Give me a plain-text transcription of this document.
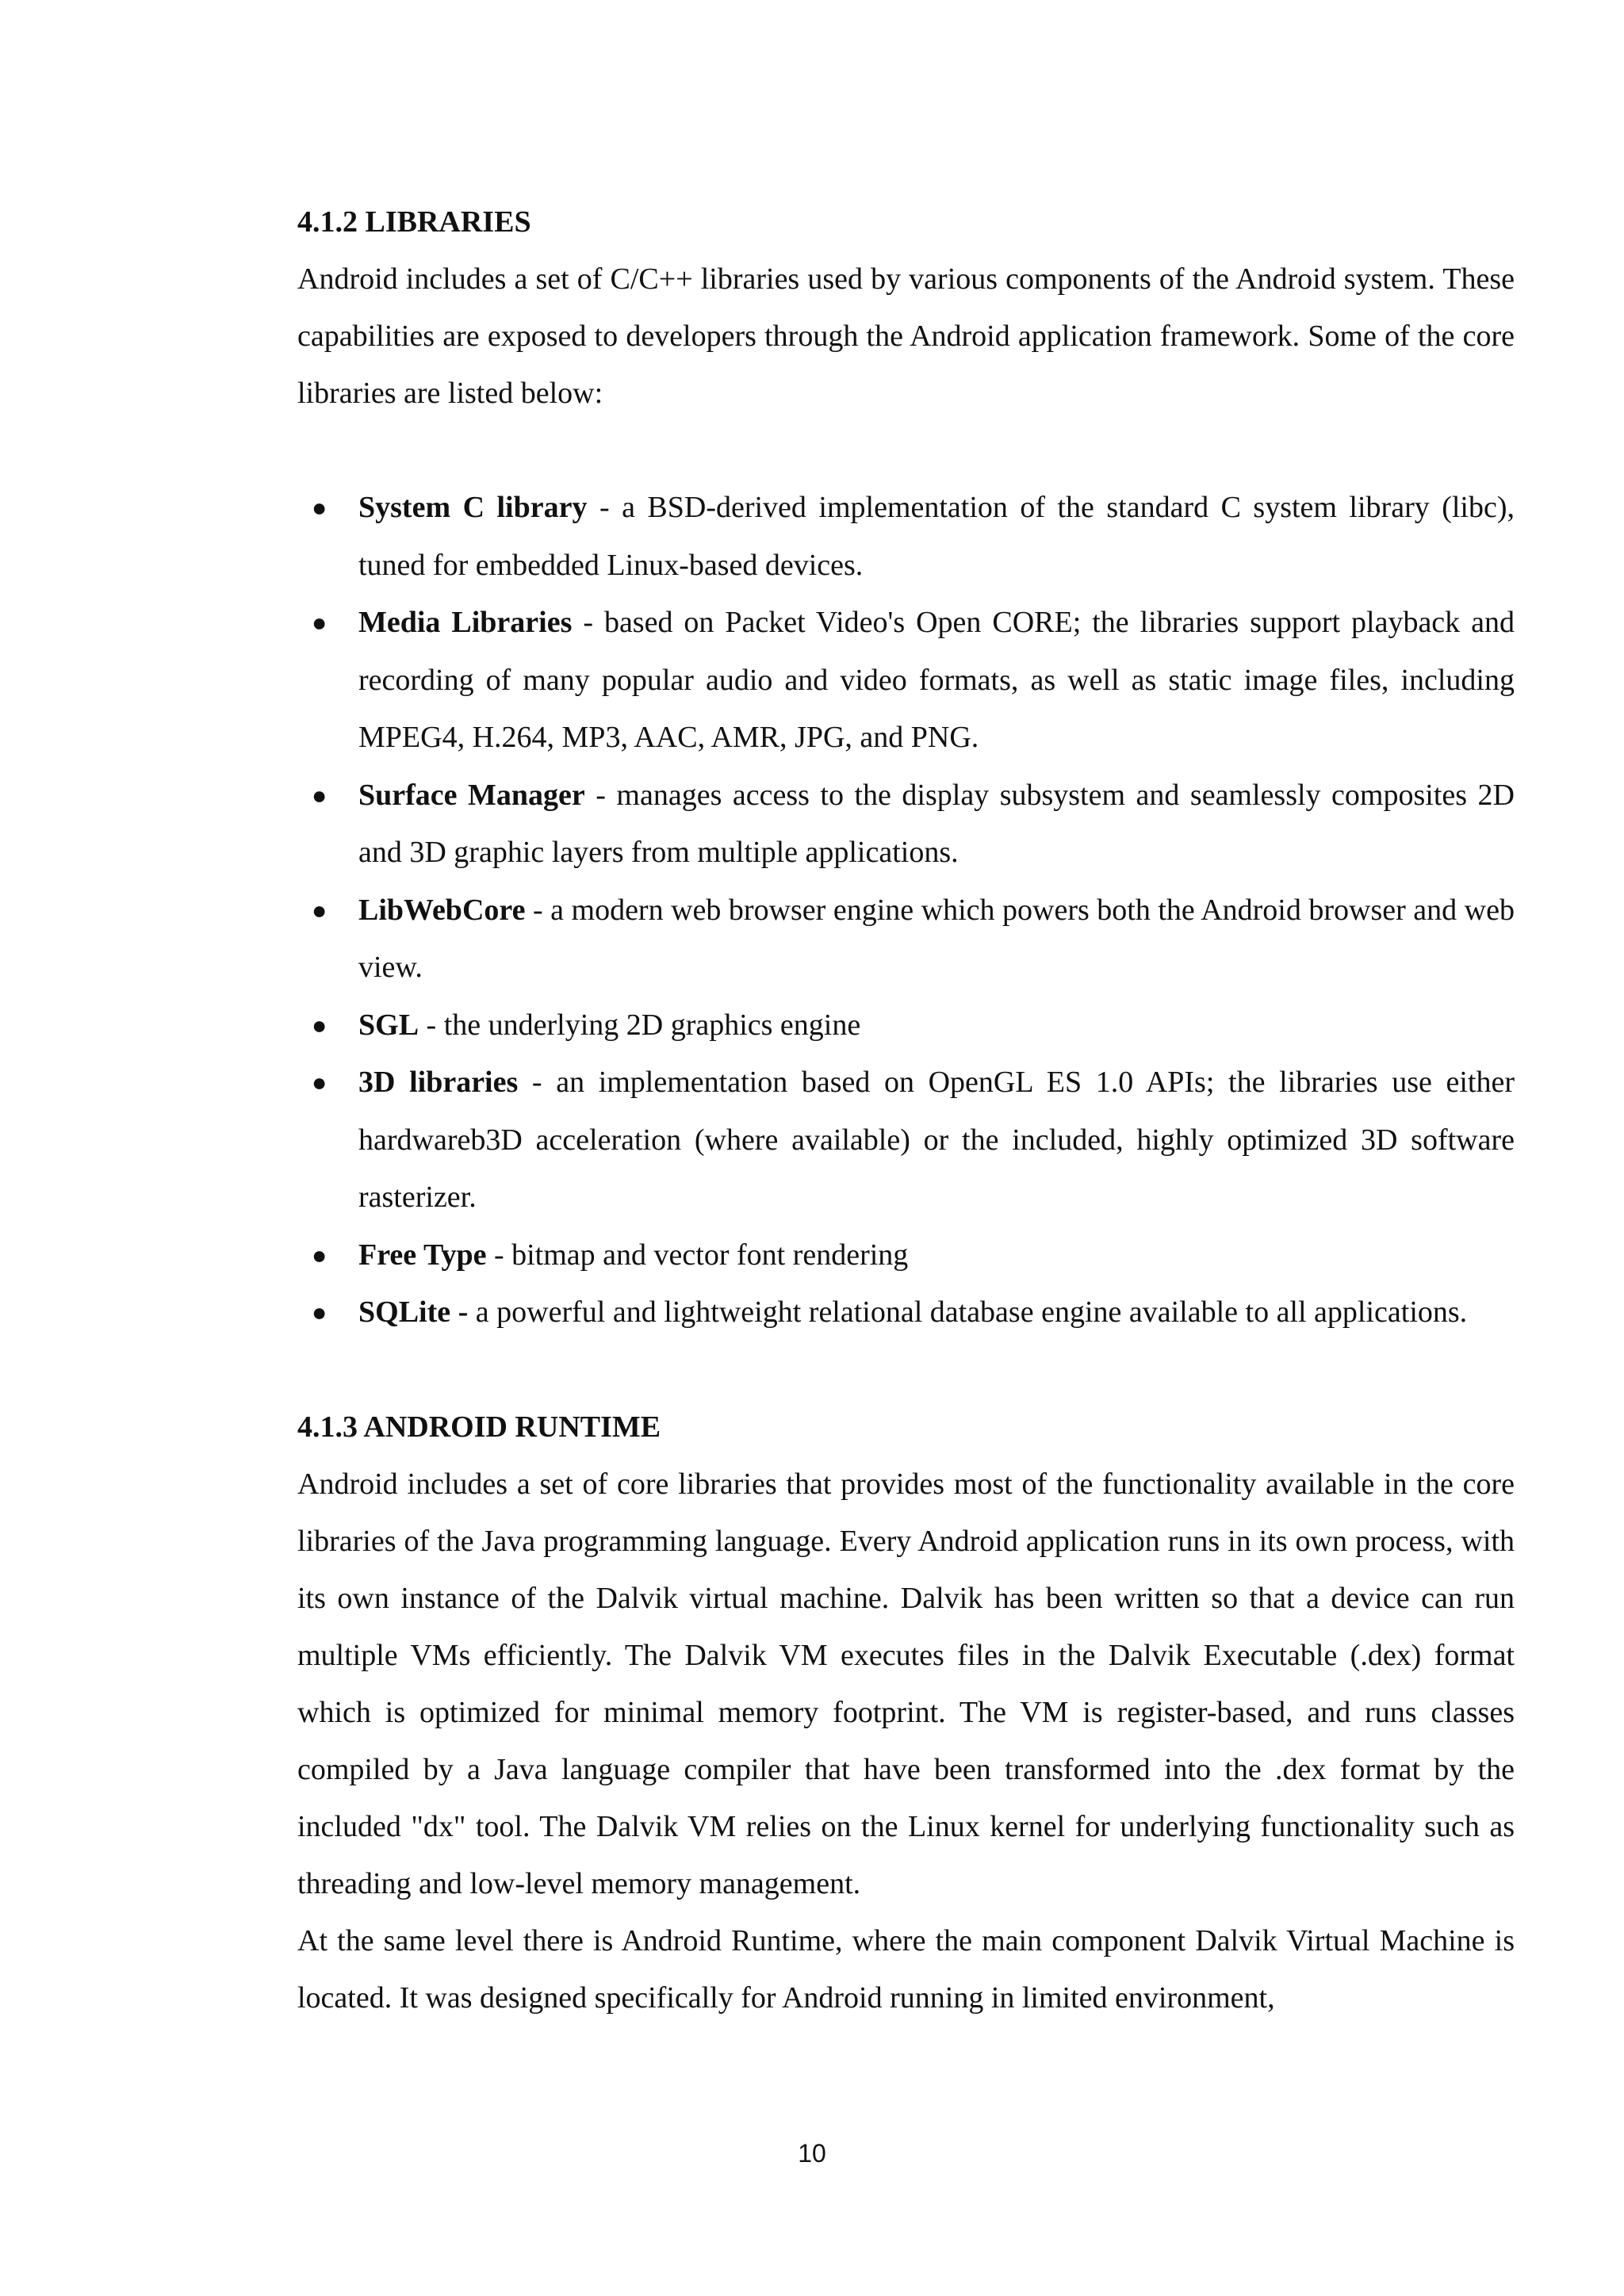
4.1.2 LIBRARIES

Android includes a set of C/C++ libraries used by various components of the Android system. These capabilities are exposed to developers through the Android application framework. Some of the core libraries are listed below:

● System C library - a BSD-derived implementation of the standard C system library (libc), tuned for embedded Linux-based devices.
● Media Libraries - based on Packet Video's Open CORE; the libraries support playback and recording of many popular audio and video formats, as well as static image files, including MPEG4, H.264, MP3, AAC, AMR, JPG, and PNG.
● Surface Manager - manages access to the display subsystem and seamlessly composites 2D and 3D graphic layers from multiple applications.
● LibWebCore - a modern web browser engine which powers both the Android browser and web view.
● SGL - the underlying 2D graphics engine
● 3D libraries - an implementation based on OpenGL ES 1.0 APIs; the libraries use either hardwareb3D acceleration (where available) or the included, highly optimized 3D software rasterizer.
● Free Type - bitmap and vector font rendering
● SQLite - a powerful and lightweight relational database engine available to all applications.

4.1.3 ANDROID RUNTIME

Android includes a set of core libraries that provides most of the functionality available in the core libraries of the Java programming language. Every Android application runs in its own process, with its own instance of the Dalvik virtual machine. Dalvik has been written so that a device can run multiple VMs efficiently. The Dalvik VM executes files in the Dalvik Executable (.dex) format which is optimized for minimal memory footprint. The VM is register-based, and runs classes compiled by a Java language compiler that have been transformed into the .dex format by the included "dx" tool. The Dalvik VM relies on the Linux kernel for underlying functionality such as threading and low-level memory management.

At the same level there is Android Runtime, where the main component Dalvik Virtual Machine is located. It was designed specifically for Android running in limited environment,

10
